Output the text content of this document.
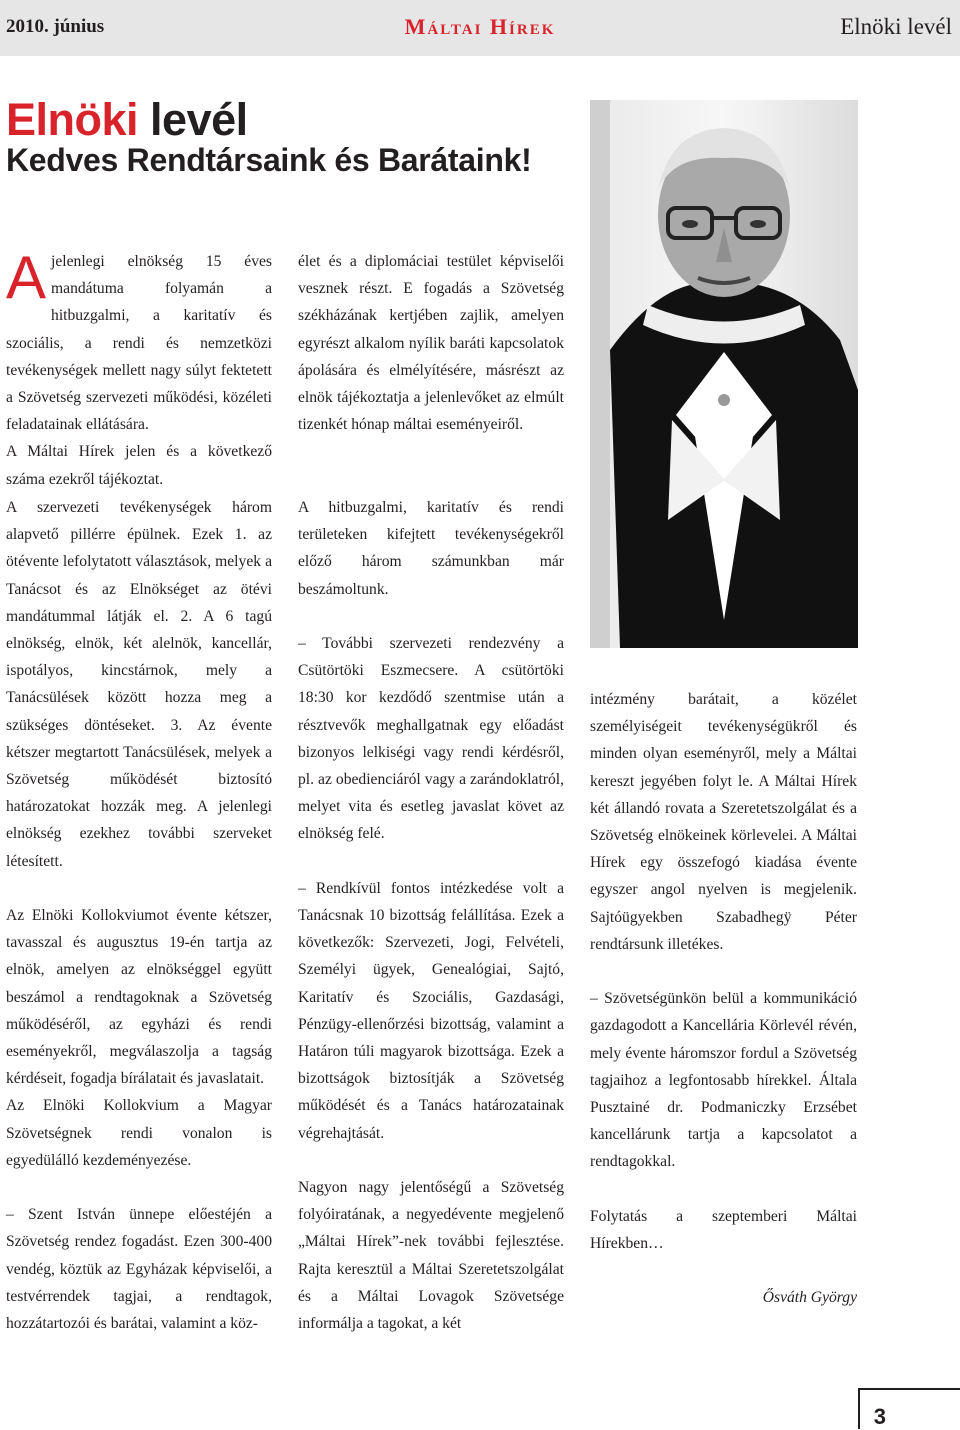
2010. június	Máltai Hírek	Elnöki levél
Elnöki levél
Kedves Rendtársaink és Barátaink!

A jelenlegi elnökség 15 éves mandátuma folyamán a hitbuzgalmi, a karitatív és szociális, a rendi és nemzetközi tevékenységek mellett nagy súlyt fektetett a Szövetség szervezeti működési, közéleti feladatainak ellátására.

A Máltai Hírek jelen és a következő száma ezekről tájékoztat.

élet és a diplomáciai testület képviselői vesznek részt. E fogadás a Szövetség székházának kertjében zajlik, amelyen egyrészt alkalom nyílik baráti kapcsolatok ápolására és elmélyítésére, másrészt az elnök tájékoztatja a jelenlevőket az elmúlt tizenkét hónap máltai eseményeiről.

A szervezeti tevékenységek három alapvető pillérre épülnek. Ezek 1. az ötévente lefolytatott választások, melyek a Tanácsot és az Elnökséget az ötévi mandátummal látják el. 2. A 6 tagú elnökség, elnök, két alelnök, kancellár, ispotályos, kincstárnok, mely a Tanácsülések között hozza meg a szükséges döntéseket. 3. Az évente kétszer megtartott Tanácsülések, melyek a Szövetség működését biztosító határozatokat hozzák meg. A jelenlegi elnökség ezekhez további szerveket létesített.

Az Elnöki Kollokviumot évente kétszer, tavasszal és augusztus 19-én tartja az elnök, amelyen az elnökséggel együtt beszámol a rendtagoknak a Szövetség működéséről, az egyházi és rendi eseményekről, megválaszolja a tagság kérdéseit, fogadja bírálatait és javaslatait.

Az Elnöki Kollokvium a Magyar Szövetségnek rendi vonalon is egyedülálló kezdeményezése.

– Szent István ünnepe előestéjén a Szövetség rendez fogadást. Ezen 300-400 vendég, köztük az Egyházak képviselői, a testvérrendek tagjai, a rendtagok, hozzátartozói és barátai, valamint a köz-

A hitbuzgalmi, karitatív és rendi területeken kifejtett tevékenységekről előző három számunkban már beszámoltunk.

– További szervezeti rendezvény a Csütörtöki Eszmecsere. A csütörtöki 18:30 kor kezdődő szentmise után a résztvevők meghallgatnak egy előadást bizonyos lelkiségi vagy rendi kérdésről, pl. az obedienciáról vagy a zarándoklatról, melyet vita és esetleg javaslat követ az elnökség felé.

– Rendkívül fontos intézkedése volt a Tanácsnak 10 bizottság felállítása. Ezek a következők: Szervezeti, Jogi, Felvételi, Személyi ügyek, Genealógiai, Sajtó, Karitatív és Szociális, Gazdasági, Pénzügy-ellenőrzési bizottság, valamint a Határon túli magyarok bizottsága. Ezek a bizottságok biztosítják a Szövetség működését és a Tanács határozatainak végrehajtását.

Nagyon nagy jelentőségű a Szövetség folyóiratának, a negyedévente megjelenő „Máltai Hírek”-nek további fejlesztése. Rajta keresztül a Máltai Szeretetszolgálat és a Máltai Lovagok Szövetsége informálja a tagokat, a két

intézmény barátait, a közélet személyiségeit tevékenységükről és minden olyan eseményről, mely a Máltai kereszt jegyében folyt le. A Máltai Hírek két állandó rovata a Szeretetszolgálat és a Szövetség elnökeinek körlevelei. A Máltai Hírek egy összefogó kiadása évente egyszer angol nyelven is megjelenik. Sajtóügyekben Szabadhegÿ Péter rendtársunk illetékes.

– Szövetségünkön belül a kommunikáció gazdagodott a Kancellária Körlevél révén, mely évente háromszor fordul a Szövetség tagjaihoz a legfontosabb hírekkel. Általa Pusztainé dr. Podmaniczky Erzsébet kancellárunk tartja a kapcsolatot a rendtagokkal.

Folytatás a szeptemberi Máltai Hírekben…

Ősváth György

3
